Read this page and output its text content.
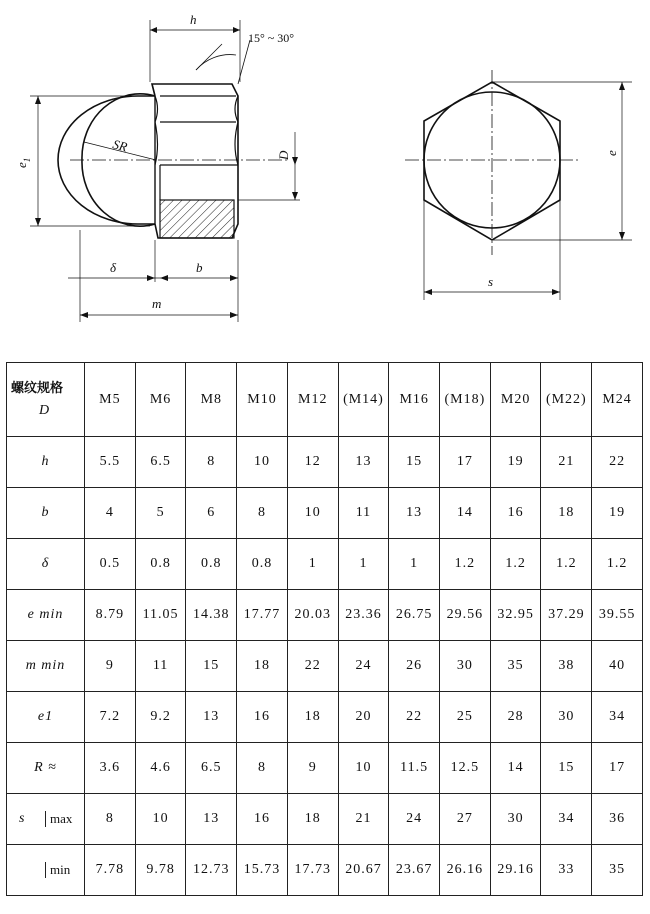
h
15° ~ 30°
SR
$e_1$	D
δ	b
m
e
s
螺纹规格
D	M5	M6	M8	M10	M12	(M14)	M16	(M18)	M20	(M22)	M24
h	5.5	6.5	8	10	12	13	15	17	19	21	22
b	4	5	6	8	10	11	13	14	16	18	19
δ	0.5	0.8	0.8	0.8	1	1	1	1.2	1.2	1.2	1.2
e min	8.79	11.05	14.38	17.77	20.03	23.36	26.75	29.56	32.95	37.29	39.55
m min	9	11	15	18	22	24	26	30	35	38	40
e1	7.2	9.2	13	16	18	20	22	25	28	30	34
R ≈	3.6	4.6	6.5	8	9	10	11.5	12.5	14	15	17

s max	8	10	13	16	18	21	24	27	30	34	36

min	7.78	9.78	12.73	15.73	17.73	20.67	23.67	26.16	29.16	33	35
